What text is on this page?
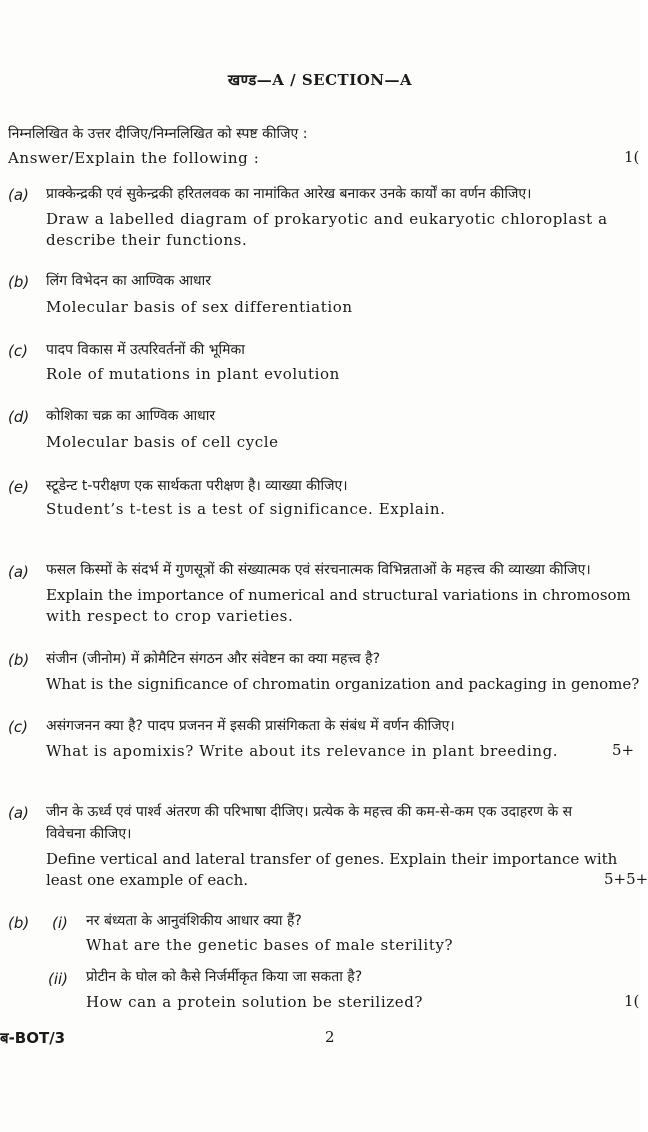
खण्ड—A / SECTION—A
निम्नलिखित के उत्तर दीजिए/निम्नलिखित को स्पष्ट कीजिए :
Answer/Explain the following :	1(
(a) प्राक्केन्द्रकी एवं सुकेन्द्रकी हरितलवक का नामांकित आरेख बनाकर उनके कार्यों का वर्णन कीजिए।
Draw a labelled diagram of prokaryotic and eukaryotic chloroplast a
describe their functions.
(b) लिंग विभेदन का आण्विक आधार
Molecular basis of sex differentiation
(c) पादप विकास में उत्परिवर्तनों की भूमिका
Role of mutations in plant evolution
(d) कोशिका चक्र का आण्विक आधार
Molecular basis of cell cycle
(e) स्टूडेन्ट t-परीक्षण एक सार्थकता परीक्षण है। व्याख्या कीजिए।
Student’s t-test is a test of significance. Explain.
(a) फसल किस्मों के संदर्भ में गुणसूत्रों की संख्यात्मक एवं संरचनात्मक विभिन्नताओं के महत्त्व की व्याख्या कीजिए।
Explain the importance of numerical and structural variations in chromosom
with respect to crop varieties.
(b) संजीन (जीनोम) में क्रोमैटिन संगठन और संवेष्टन का क्या महत्त्व है?
What is the significance of chromatin organization and packaging in genome?
(c) असंगजनन क्या है? पादप प्रजनन में इसकी प्रासंगिकता के संबंध में वर्णन कीजिए।
What is apomixis? Write about its relevance in plant breeding.	5+
(a) जीन के ऊर्ध्व एवं पार्श्व अंतरण की परिभाषा दीजिए। प्रत्येक के महत्त्व की कम-से-कम एक उदाहरण के स
विवेचना कीजिए।
Define vertical and lateral transfer of genes. Explain their importance with
least one example of each.	5+5+
(b) (i) नर बंध्यता के आनुवंशिकीय आधार क्या हैं?
What are the genetic bases of male sterility?
(ii) प्रोटीन के घोल को कैसे निर्जर्मीकृत किया जा सकता है?
How can a protein solution be sterilized?	1(
ब-BOT/3	2
